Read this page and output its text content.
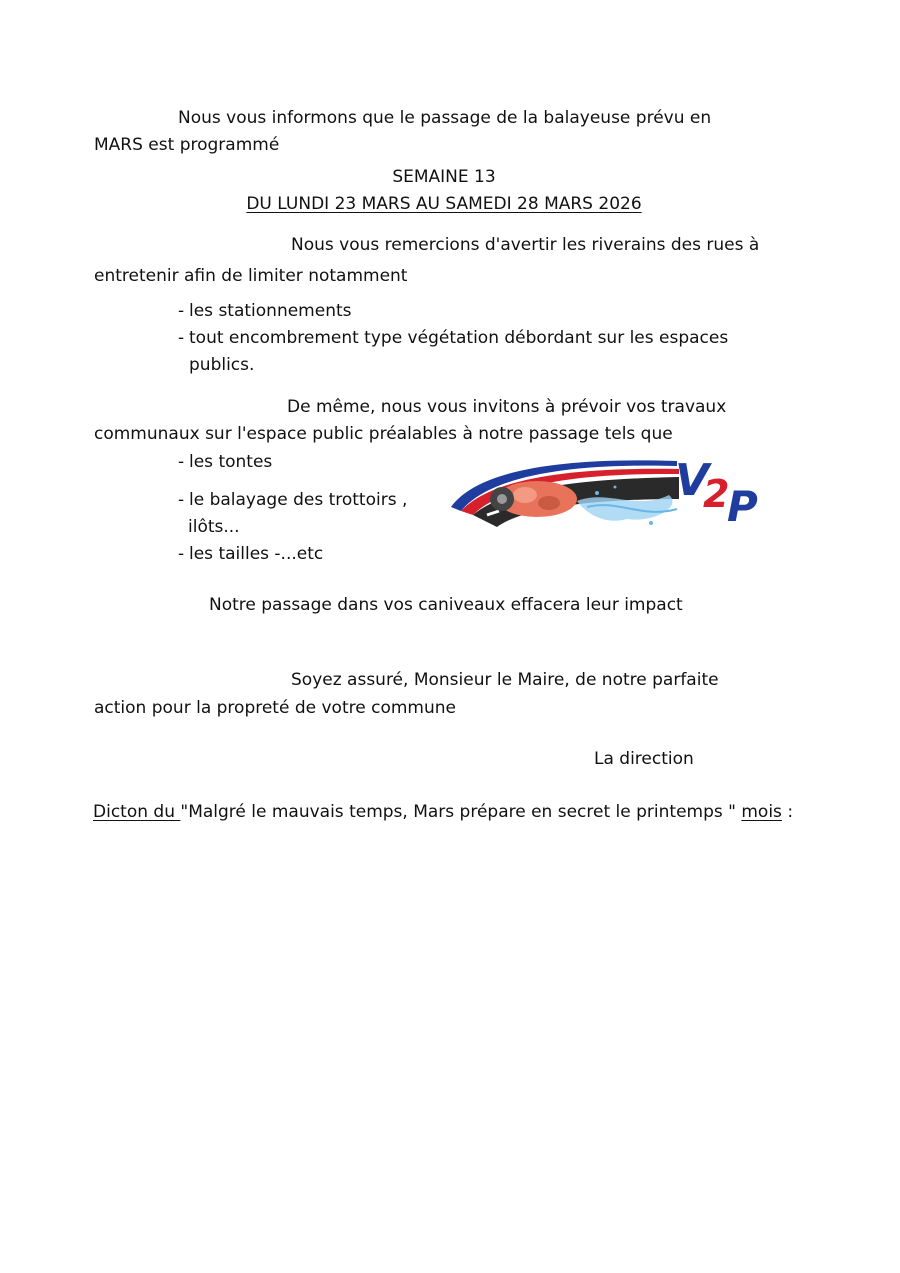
Nous vous informons que le passage de la balayeuse prévu en
MARS est programmé
SEMAINE 13
DU LUNDI 23 MARS AU SAMEDI 28 MARS 2026
Nous vous remercions d'avertir les riverains des rues à
entretenir afin de limiter notamment
- les stationnements
- tout encombrement type végétation débordant sur les espaces
publics.
De même, nous vous invitons à prévoir vos travaux
communaux sur l'espace public préalables à notre passage tels que
- les tontes
- le balayage des trottoirs ,
ilôts...
- les tailles -...etc
Notre passage dans vos caniveaux effacera leur impact
Soyez assuré, Monsieur le Maire, de notre parfaite
action pour la propreté de votre commune
La direction
Dicton du "Malgré le mauvais temps, Mars prépare en secret le printemps " mois :
V
2
P
